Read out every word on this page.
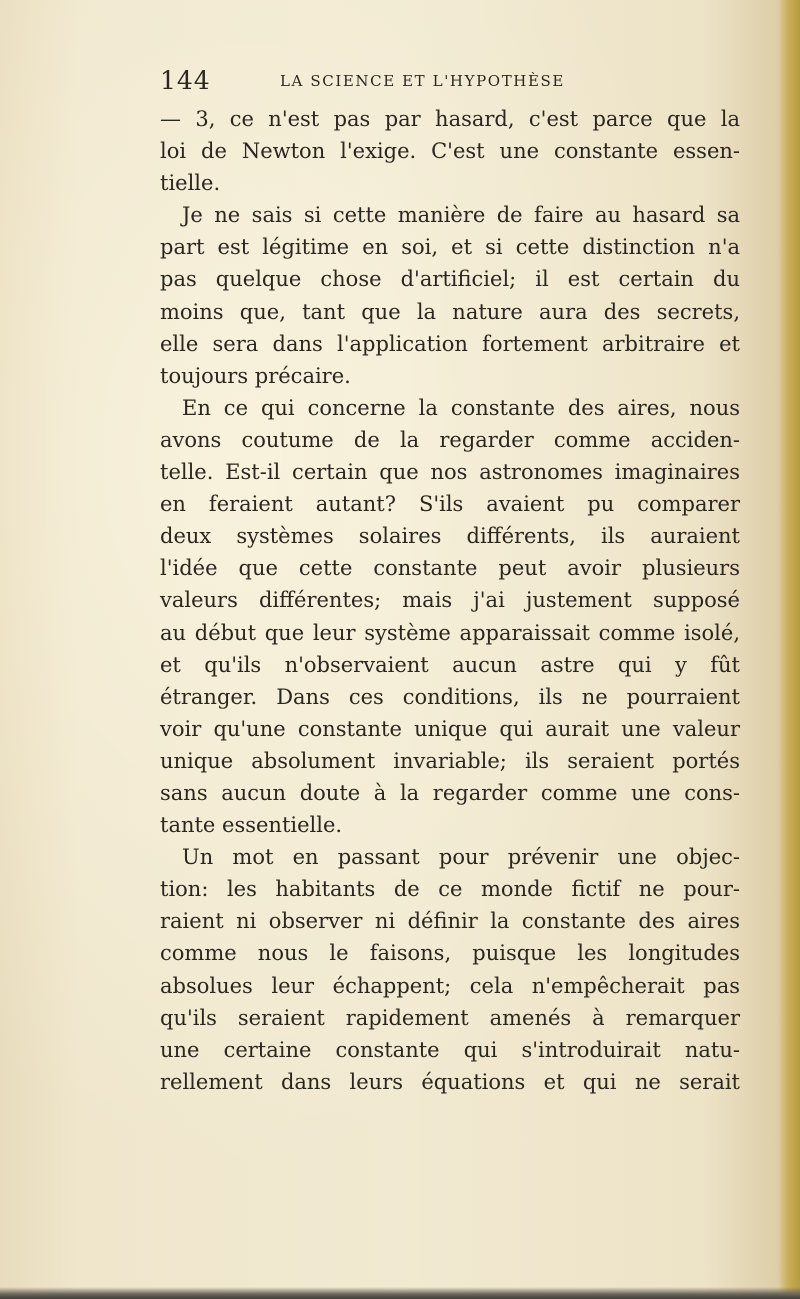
144	LA SCIENCE ET L'HYPOTHÈSE
— 3, ce n'est pas par hasard, c'est parce que la
loi de Newton l'exige. C'est une constante essen-
tielle.
Je ne sais si cette manière de faire au hasard sa
part est légitime en soi, et si cette distinction n'a
pas quelque chose d'artificiel; il est certain du
moins que, tant que la nature aura des secrets,
elle sera dans l'application fortement arbitraire et
toujours précaire.
En ce qui concerne la constante des aires, nous
avons coutume de la regarder comme acciden-
telle. Est-il certain que nos astronomes imaginaires
en feraient autant? S'ils avaient pu comparer
deux systèmes solaires différents, ils auraient
l'idée que cette constante peut avoir plusieurs
valeurs différentes; mais j'ai justement supposé
au début que leur système apparaissait comme isolé,
et qu'ils n'observaient aucun astre qui y fût
étranger. Dans ces conditions, ils ne pourraient
voir qu'une constante unique qui aurait une valeur
unique absolument invariable; ils seraient portés
sans aucun doute à la regarder comme une cons-
tante essentielle.
Un mot en passant pour prévenir une objec-
tion: les habitants de ce monde fictif ne pour-
raient ni observer ni définir la constante des aires
comme nous le faisons, puisque les longitudes
absolues leur échappent; cela n'empêcherait pas
qu'ils seraient rapidement amenés à remarquer
une certaine constante qui s'introduirait natu-
rellement dans leurs équations et qui ne serait
